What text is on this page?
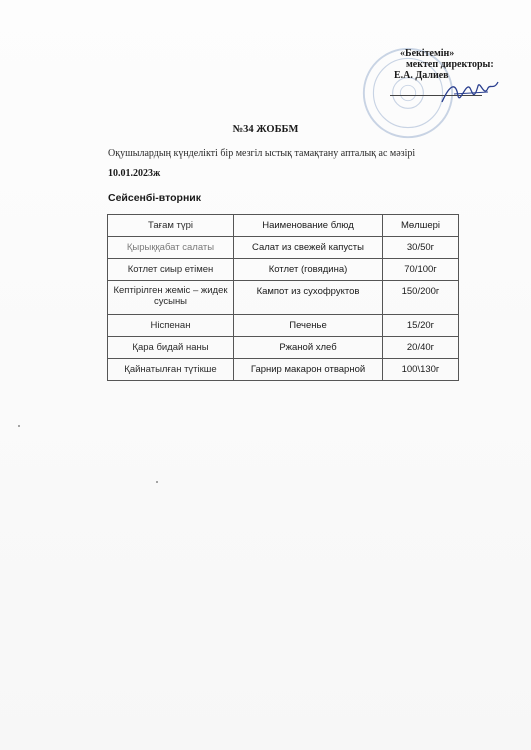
«Бекітемін»
мектеп директоры:
Е.А. Далиев
№34 ЖОББМ
Оқушылардың күнделікті бір мезгіл ыстық тамақтану апталық ас мәзірі
10.01.2023ж
Сейсенбі-вторник
Тағам түрі	Наименование блюд	Мөлшері

Қырыққабат салаты	Салат из свежей капусты	30/50г

Котлет сиыр етімен	Котлет (говядина)	70/100г

Кептірілген жеміс – жидек сусыны	Кампот из сухофруктов	150/200г

Нiспенан	Печенье	15/20г

Қара бидай наны	Ржаной хлеб	20/40г

Қайнатылған түтікше	Гарнир макарон отварной	100\130г
